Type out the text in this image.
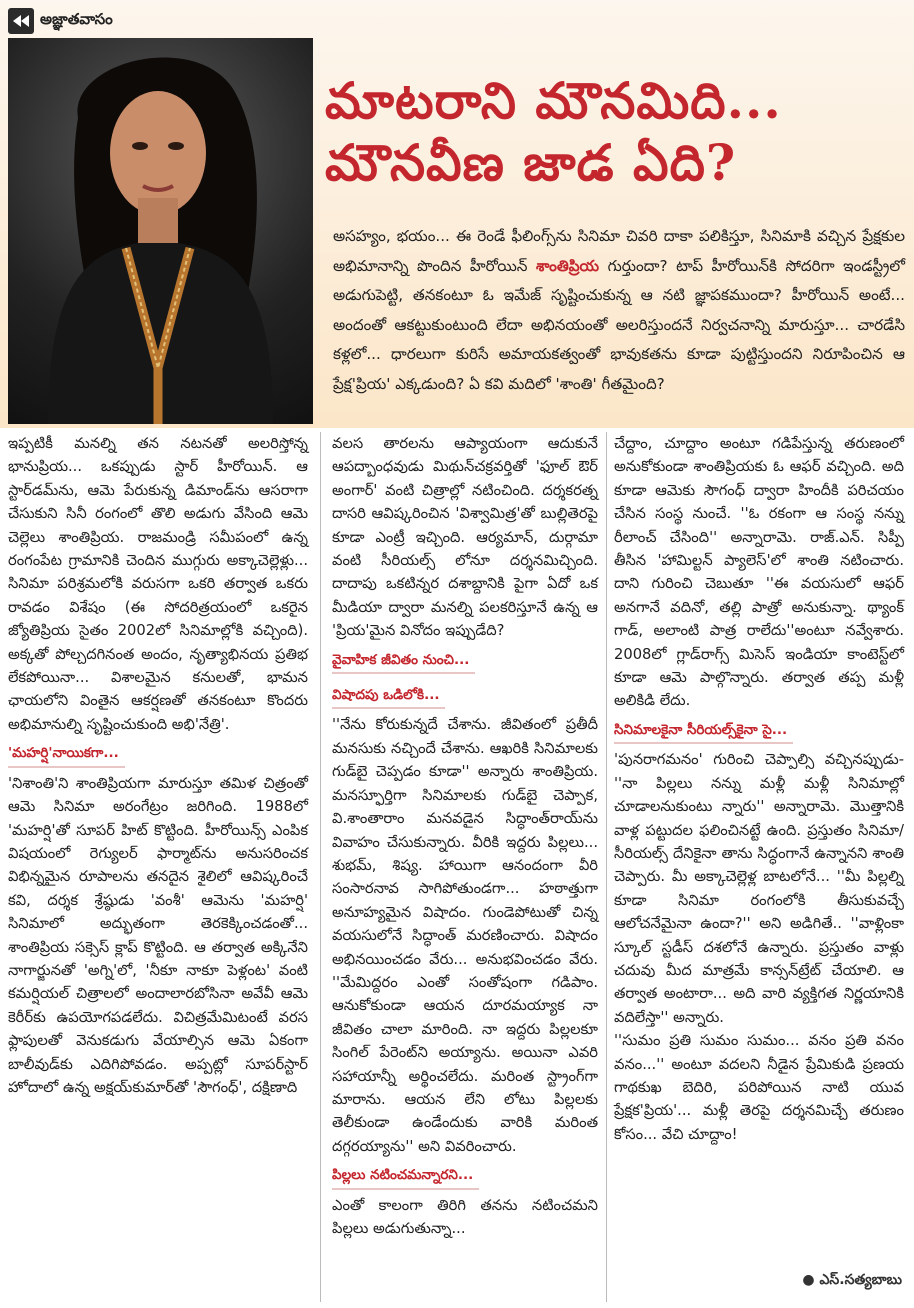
అజ్ఞాతవాసం
మాటరాని మౌనమిది...
మౌనవీణ జాడ ఏది?
అసహ్యం, భయం... ఈ రెండే ఫీలింగ్స్‌ను సినిమా చివరి దాకా పలికిస్తూ, సినిమాకి వచ్చిన ప్రేక్షకుల అభిమానాన్ని పొందిన హీరోయిన్ శాంతిప్రియ గుర్తుందా? టాప్ హీరోయిన్‌కి సోదరిగా ఇండస్ట్రీలో అడుగుపెట్టి, తనకంటూ ఓ ఇమేజ్ సృష్టించుకున్న ఆ నటి జ్ఞాపకముందా? హీరోయిన్ అంటే... అందంతో ఆకట్టుకుంటుంది లేదా అభినయంతో అలరిస్తుందనే నిర్వచనాన్ని మారుస్తూ... చారడేసి కళ్లలో... ధారలుగా కురిసే అమాయకత్వంతో భావుకతను కూడా పుట్టిస్తుందని నిరూపించిన ఆ ప్రేక్ష'ప్రియ' ఎక్కడుంది? ఏ కవి మదిలో 'శాంతి' గీతమైంది?

ఇప్పటికీ మనల్ని తన నటనతో అలరిస్తోన్న భానుప్రియ... ఒకప్పుడు స్టార్ హీరోయిన్. ఆ స్టార్‌డమ్‌ను, ఆమె పేరుకున్న డిమాండ్‌ను ఆసరాగా చేసుకుని సినీ రంగంలో తొలి అడుగు వేసింది ఆమె చెల్లెలు శాంతిప్రియ. రాజమండ్రి సమీపంలో ఉన్న రంగంపేట గ్రామానికి చెందిన ముగ్గురు అక్కాచెల్లెళ్లు... సినిమా పరిశ్రమలోకి వరుసగా ఒకరి తర్వాత ఒకరు రావడం విశేషం (ఈ సోదరిత్రయంలో ఒకరైన జ్యోతిప్రియ సైతం 2002లో సినిమాల్లోకి వచ్చింది). అక్కతో పోల్చదగినంత అందం, నృత్యాభినయ ప్రతిభ లేకపోయినా... విశాలమైన కనులతో, భామన ఛాయలోని వింతైన ఆకర్షణతో తనకంటూ కొందరు అభిమానుల్ని సృష్టించుకుంది అభి'నేత్రి'.

'మహర్షి'నాయికగా...

'నిశాంతి'ని శాంతిప్రియగా మారుస్తూ తమిళ చిత్రంతో ఆమె సినిమా అరంగేట్రం జరిగింది. 1988లో 'మహర్షి'తో సూపర్ హిట్ కొట్టింది. హీరోయిన్స్ ఎంపిక విషయంలో రెగ్యులర్ ఫార్మాట్‌ను అనుసరించక విభిన్నమైన రూపాలను తనదైన శైలిలో ఆవిష్కరించే కవి, దర్శక శ్రేష్ఠుడు 'వంశీ' ఆమెను 'మహర్షి' సినిమాలో అద్భుతంగా తెరకెక్కించడంతో... శాంతిప్రియ సక్సెస్ క్లాప్ కొట్టింది. ఆ తర్వాత అక్కినేని నాగార్జునతో 'అగ్ని'లో, 'నీకూ నాకూ పెళ్లంట' వంటి కమర్షియల్ చిత్రాలలో అందాలారబోసినా అవేవీ ఆమె కెరీర్‌కు ఉపయోగపడలేదు. విచిత్రమేమిటంటే వరస ఫ్లాపులతో వెనుకడుగు వేయాల్సిన ఆమె ఏకంగా బాలీవుడ్‌కు ఎదిగిపోవడం. అప్పట్లో సూపర్‌స్టార్ హోదాలో ఉన్న అక్షయ్‌కుమార్‌తో 'సౌగంధ్', దక్షిణాది

వలస తారలను ఆప్యాయంగా ఆదుకునే ఆపద్బాంధవుడు మిథున్‌చక్రవర్తితో 'ఫూల్ ఔర్ అంగార్' వంటి చిత్రాల్లో నటించింది. దర్శకరత్న దాసరి ఆవిష్కరించిన 'విశ్వామిత్ర'తో బుల్లితెరపై కూడా ఎంట్రీ ఇచ్చింది. ఆర్యమాన్, దుర్గామా వంటి సీరియల్స్ లోనూ దర్శనమిచ్చింది. దాదాపు ఒకటిన్నర దశాబ్దానికి పైగా ఏదో ఒక మీడియా ద్వారా మనల్ని పలకరిస్తూనే ఉన్న ఆ 'ప్రియ'మైన వినోదం ఇప్పుడేది?

వైవాహిక జీవితం నుంచి...
విషాదపు ఒడిలోకి...

''నేను కోరుకున్నదే చేశాను. జీవితంలో ప్రతీదీ మనసుకు నచ్చిందే చేశాను. ఆఖరికి సినిమాలకు గుడ్‌బై చెప్పడం కూడా'' అన్నారు శాంతిప్రియ. మనస్ఫూర్తిగా సినిమాలకు గుడ్‌బై చెప్పాక, వి.శాంతారాం మనవడైన సిద్ధాంత్‌రాయ్‌ను వివాహం చేసుకున్నారు. వీరికి ఇద్దరు పిల్లలు... శుభమ్, శిష్య. హాయిగా ఆనందంగా వీరి సంసారనావ సాగిపోతుండగా... హఠాత్తుగా అనూహ్యమైన విషాదం. గుండెపోటుతో చిన్న వయసులోనే సిద్ధాంత్ మరణించారు. విషాదం అభినయించడం వేరు... అనుభవించడం వేరు. ''మేమిద్దరం ఎంతో సంతోషంగా గడిపాం. ఆనుకోకుండా ఆయన దూరమయ్యాక నా జీవితం చాలా మారింది. నా ఇద్దరు పిల్లలకూ సింగిల్ పేరెంట్‌ని అయ్యాను. అయినా ఎవరి సహాయాన్నీ అర్థించలేదు. మరింత స్ట్రాంగ్‌గా మారాను. ఆయన లేని లోటు పిల్లలకు తెలీకుండా ఉండేందుకు వారికి మరింత దగ్గరయ్యాను'' అని వివరించారు.

పిల్లలు నటించమన్నారని...

ఎంతో కాలంగా తిరిగి తనను నటించమని పిల్లలు అడుగుతున్నా...

చేద్దాం, చూద్దాం అంటూ గడిపేస్తున్న తరుణంలో అనుకోకుండా శాంతిప్రియకు ఓ ఆఫర్ వచ్చింది. అది కూడా ఆమెకు సౌగంధ్ ద్వారా హిందీకి పరిచయం చేసిన సంస్థ నుంచే. ''ఓ రకంగా ఆ సంస్థ నన్ను రీలాంచ్ చేసింది'' అన్నారామె. రాజ్.ఎన్. సిప్పీ తీసిన 'హామిల్టన్ ప్యాలెస్'లో శాంతి నటించారు. దాని గురించి చెబుతూ ''ఈ వయసులో ఆఫర్ అనగానే వదినో, తల్లి పాత్రో అనుకున్నా. థ్యాంక్ గాడ్, అలాంటి పాత్ర రాలేదు''అంటూ నవ్వేశారు. 2008లో గ్లాడ్‌రాగ్స్ మిసెస్ ఇండియా కాంటెస్ట్‌లో కూడా ఆమె పాల్గొన్నారు. తర్వాత తప్ప మళ్లీ అలికిడి లేదు.

సినిమాలకైనా సీరియల్స్‌కైనా సై...

'పునరాగమనం' గురించి చెప్పాల్సి వచ్చినప్పుడు- ''నా పిల్లలు నన్ను మళ్లీ మళ్లీ సినిమాల్లో చూడాలనుకుంటు న్నారు'' అన్నారామె. మొత్తానికి వాళ్ల పట్టుదల ఫలించినట్టే ఉంది. ప్రస్తుతం సినిమా/ సీరియల్స్ దేనికైనా తాను సిద్ధంగానే ఉన్నానని శాంతి చెప్పారు. మీ అక్కాచెల్లెళ్ల బాటలోనే... ''మీ పిల్లల్ని కూడా సినిమా రంగంలోకి తీసుకువచ్చే ఆలోచనేమైనా ఉందా?'' అని అడిగితే.. ''వాళ్లింకా స్కూల్ స్టడీస్ దశలోనే ఉన్నారు. ప్రస్తుతం వాళ్లు చదువు మీద మాత్రమే కాన్సన్‌ట్రేట్ చేయాలి. ఆ తర్వాత అంటారా... అది వారి వ్యక్తిగత నిర్ణయానికి వదిలేస్తా'' అన్నారు.

''సుమం ప్రతి సుమం సుమం... వనం ప్రతి వనం వనం...'' అంటూ వదలని నీడైన ప్రేమికుడి ప్రణయ గాథకుఖ బెదిరి, పరిపోయిన నాటి యువ ప్రేక్షక'ప్రియ'... మళ్లీ తెరపై దర్శనమిచ్చే తరుణం కోసం... వేచి చూద్దాం!

● ఎస్.సత్యబాబు
